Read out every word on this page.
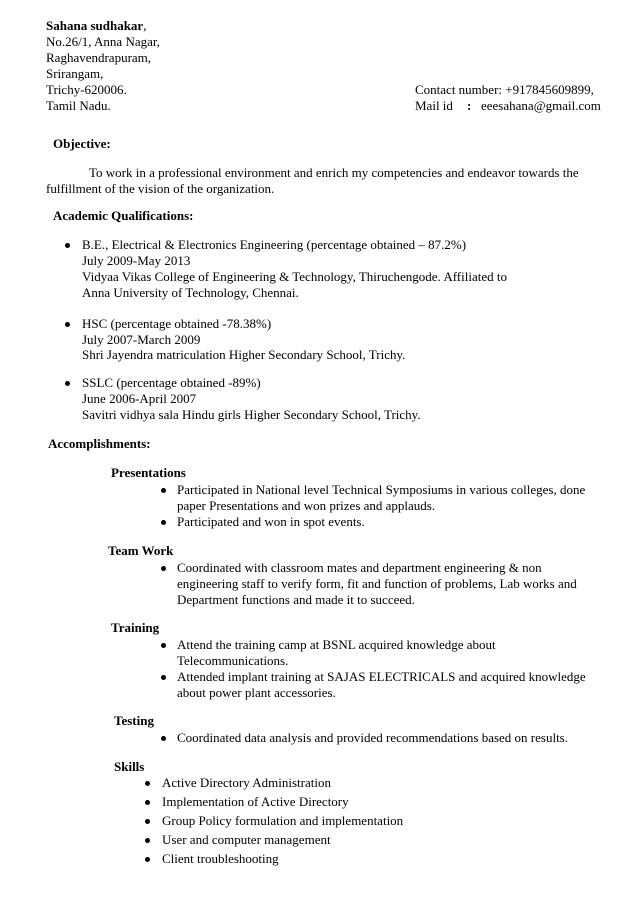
Sahana sudhakar,
No.26/1, Anna Nagar,
Raghavendrapuram,
Srirangam,
Trichy-620006.
Tamil Nadu.
Contact number: +917845609899,
Mail id : eeesahana@gmail.com
Objective:
To work in a professional environment and enrich my competencies and endeavor towards the
fulfillment of the vision of the organization.
Academic Qualifications:
B.E., Electrical & Electronics Engineering (percentage obtained – 87.2%)
July 2009-May 2013
Vidyaa Vikas College of Engineering & Technology, Thiruchengode. Affiliated to
Anna University of Technology, Chennai.
HSC (percentage obtained -78.38%)
July 2007-March 2009
Shri Jayendra matriculation Higher Secondary School, Trichy.
SSLC (percentage obtained -89%)
June 2006-April 2007
Savitri vidhya sala Hindu girls Higher Secondary School, Trichy.
Accomplishments:
Presentations
Participated in National level Technical Symposiums in various colleges, done
paper Presentations and won prizes and applauds.
Participated and won in spot events.
Team Work
Coordinated with classroom mates and department engineering & non
engineering staff to verify form, fit and function of problems, Lab works and
Department functions and made it to succeed.
Training
Attend the training camp at BSNL acquired knowledge about
Telecommunications.
Attended implant training at SAJAS ELECTRICALS and acquired knowledge
about power plant accessories.
Testing
Coordinated data analysis and provided recommendations based on results.
Skills
Active Directory Administration
Implementation of Active Directory
Group Policy formulation and implementation
User and computer management
Client troubleshooting
